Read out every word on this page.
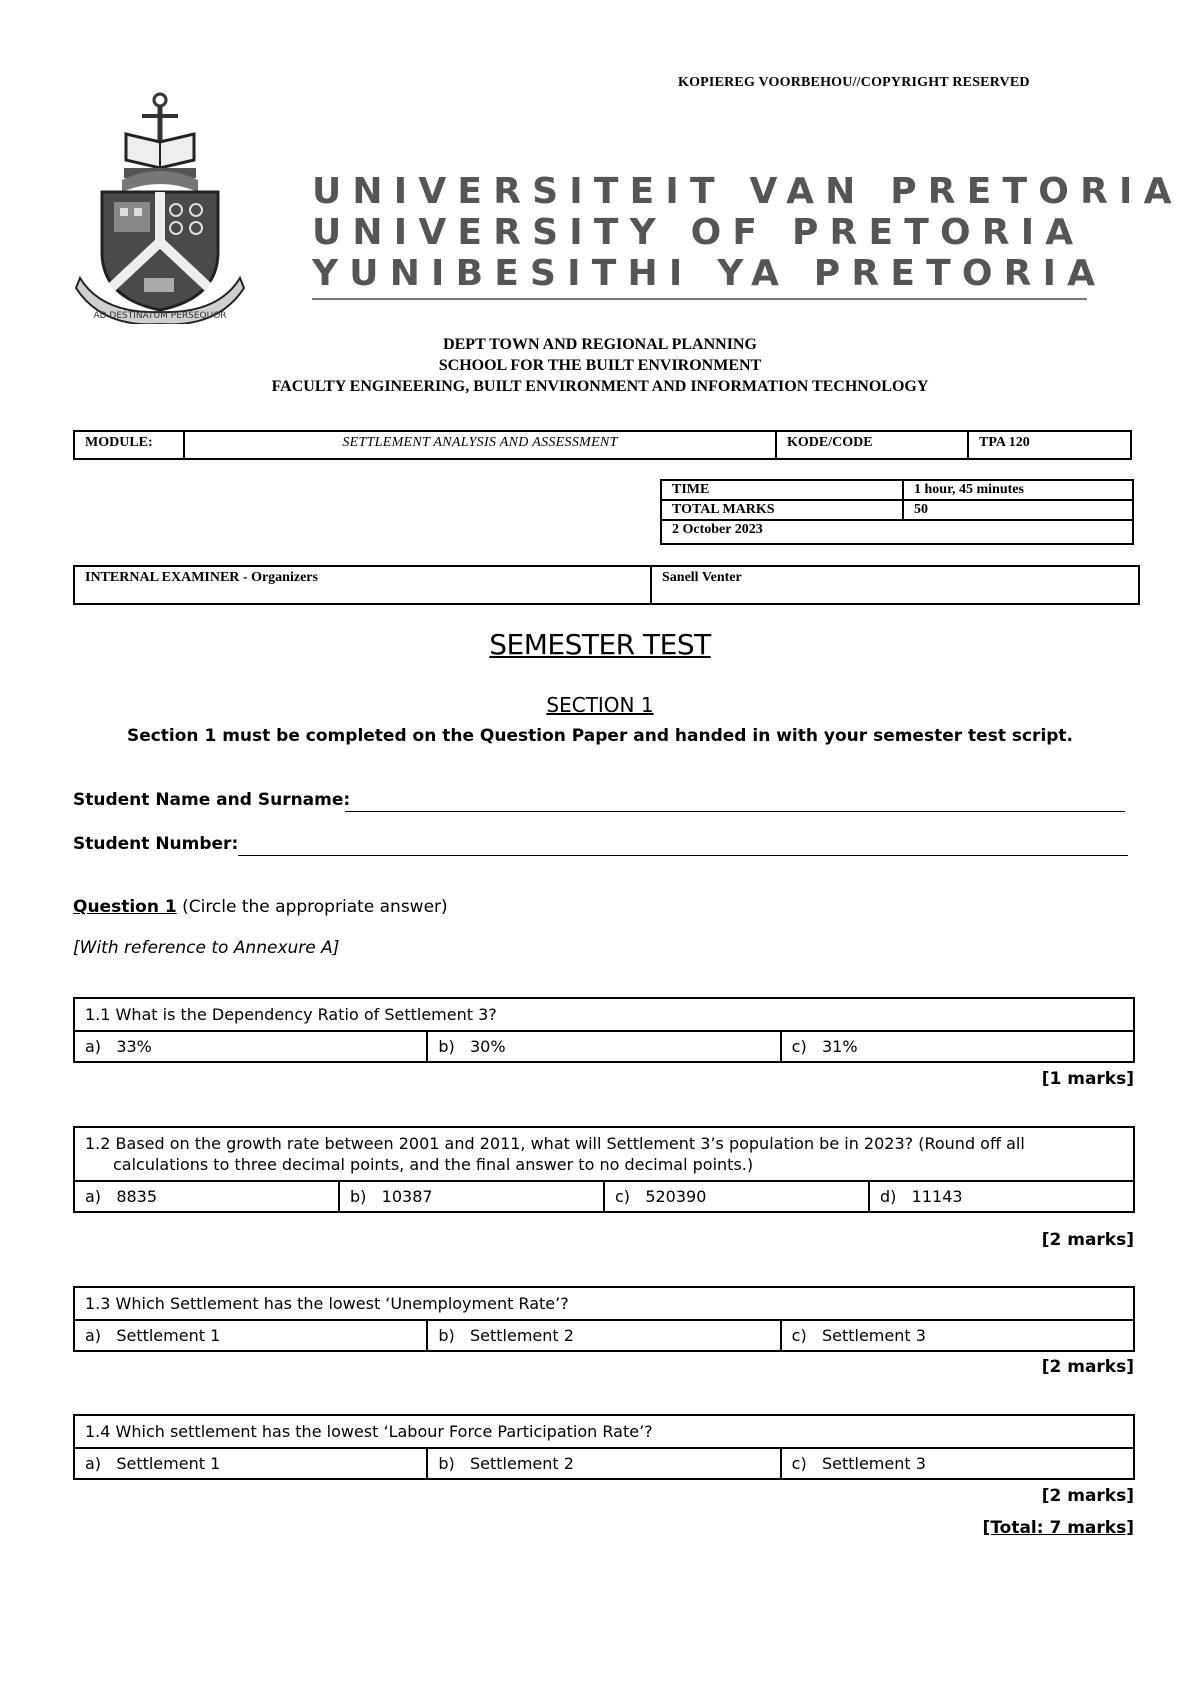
KOPIEREG VOORBEHOU//COPYRIGHT RESERVED
AD DESTINATUM PERSEQUOR
UNIVERSITEIT VAN PRETORIA
UNIVERSITY OF PRETORIA
YUNIBESITHI YA PRETORIA
DEPT TOWN AND REGIONAL PLANNING
SCHOOL FOR THE BUILT ENVIRONMENT
FACULTY ENGINEERING, BUILT ENVIRONMENT AND INFORMATION TECHNOLOGY
MODULE:	SETTLEMENT ANALYSIS AND ASSESSMENT	KODE/CODE	TPA 120
TIME	1 hour, 45 minutes
TOTAL MARKS	50
2 October 2023	
INTERNAL EXAMINER - Organizers	Sanell Venter
SEMESTER TEST
SECTION 1
Section 1 must be completed on the Question Paper and handed in with your semester test script.
Student Name and Surname:
Student Number:
Question 1 (Circle the appropriate answer)
[With reference to Annexure A]
1.1 What is the Dependency Ratio of Settlement 3?
a) 33%	b) 30%	c) 31%
[1 marks]
1.2 Based on the growth rate between 2001 and 2011, what will Settlement 3’s population be in 2023? (Round off all calculations to three decimal points, and the final answer to no decimal points.)
a) 8835	b) 10387	c) 520390	d) 11143
[2 marks]
1.3 Which Settlement has the lowest ‘Unemployment Rate’?
a) Settlement 1	b) Settlement 2	c) Settlement 3
[2 marks]
1.4 Which settlement has the lowest ‘Labour Force Participation Rate’?
a) Settlement 1	b) Settlement 2	c) Settlement 3
[2 marks]
[Total: 7 marks]
